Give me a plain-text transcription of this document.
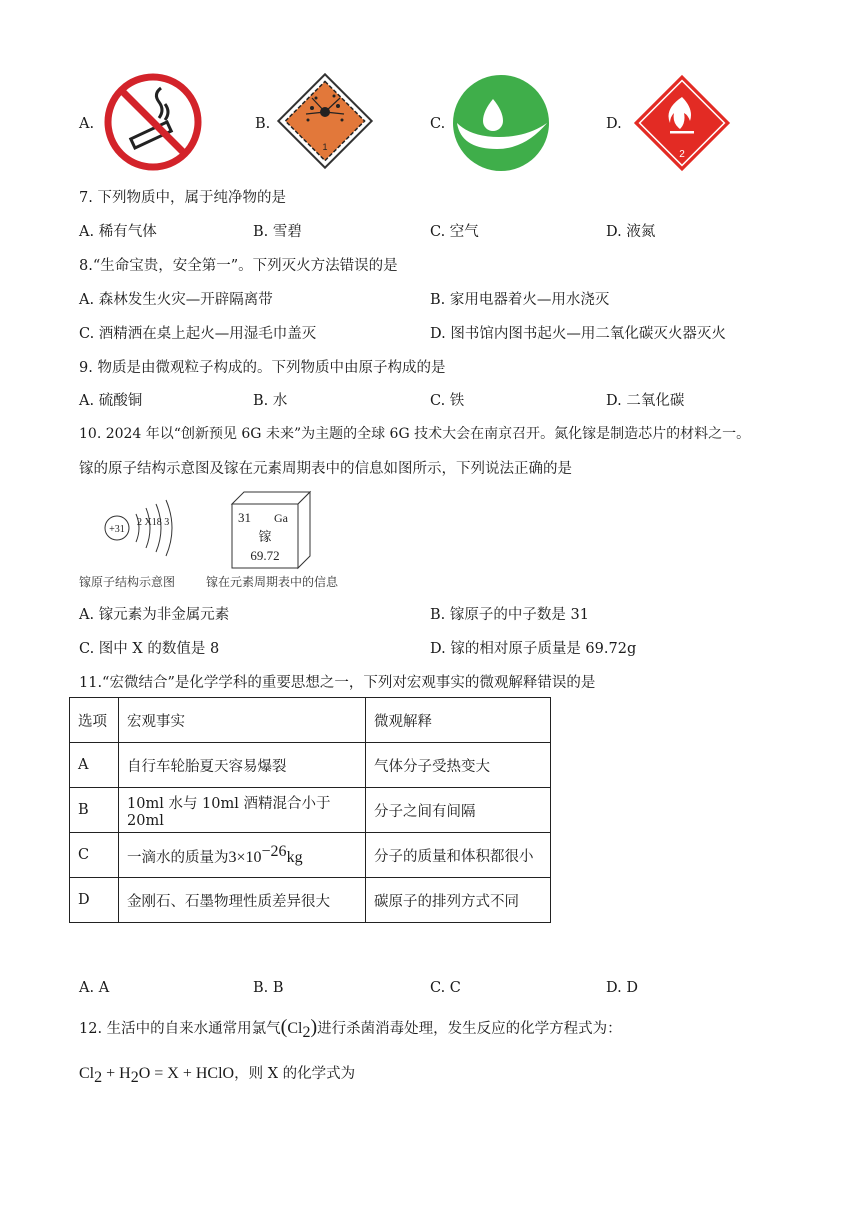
A.	B.
1
C.	D.
2
7. 下列物质中，属于纯净物的是
A. 稀有气体	B. 雪碧	C. 空气	D. 液氮
8.“生命宝贵，安全第一”。下列灭火方法错误的是
A. 森林发生火灾—开辟隔离带	B. 家用电器着火—用水浇灭
C. 酒精洒在桌上起火—用湿毛巾盖灭	D. 图书馆内图书起火—用二氧化碳灭火器灭火
9. 物质是由微观粒子构成的。下列物质中由原子构成的是
A. 硫酸铜	B. 水	C. 铁	D. 二氧化碳
10. 2024 年以“创新预见 6G 未来”为主题的全球 6G 技术大会在南京召开。氮化镓是制造芯片的材料之一。
镓的原子结构示意图及镓在元素周期表中的信息如图所示，下列说法正确的是
+31
2 X18 3
镓原子结构示意图
31 Ga
镓
69.72
镓在元素周期表中的信息
A. 镓元素为非金属元素	B. 镓原子的中子数是 31
C. 图中 X 的数值是 8	D. 镓的相对原子质量是 69.72g
11.“宏微结合”是化学学科的重要思想之一，下列对宏观事实的微观解释错误的是
选项	宏观事实	微观解释
A	自行车轮胎夏天容易爆裂	气体分子受热变大
B	10ml 水与 10ml 酒精混合小于 20ml	分子之间有间隔
C	一滴水的质量为$3\times 10^{-26}kg$	分子的质量和体积都很小
D	金刚石、石墨物理性质差异很大	碳原子的排列方式不同
A. A	B. B	C. C	D. D
12. 生活中的自来水通常用氯气$(Cl_2)$进行杀菌消毒处理，发生反应的化学方程式为：
$Cl_2 + H_2O = X$ + HClO，则 X 的化学式为
